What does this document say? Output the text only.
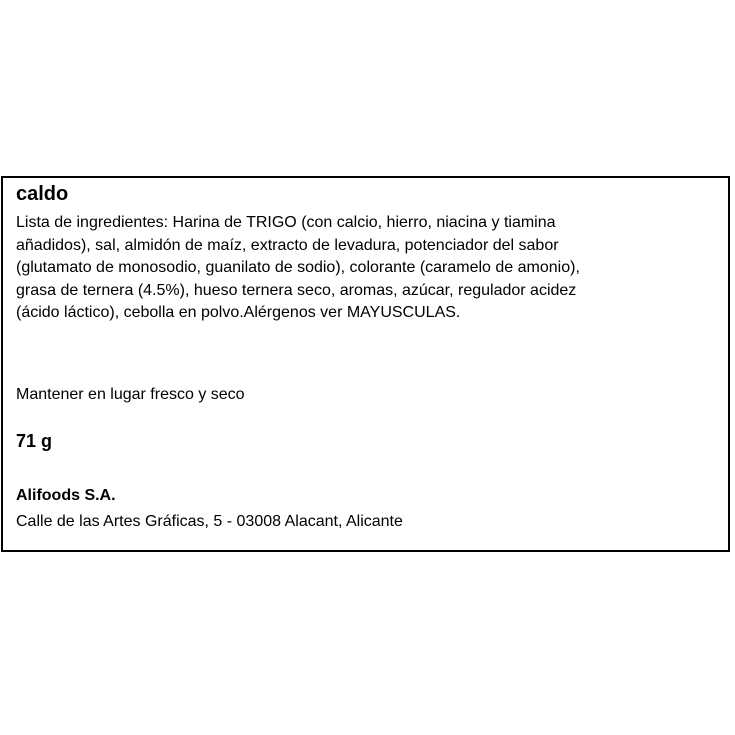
caldo
Lista de ingredientes: Harina de TRIGO (con calcio, hierro, niacina y tiamina
añadidos), sal, almidón de maíz, extracto de levadura, potenciador del sabor
(glutamato de monosodio, guanilato de sodio), colorante (caramelo de amonio),
grasa de ternera (4.5%), hueso ternera seco, aromas, azúcar, regulador acidez
(ácido láctico), cebolla en polvo.Alérgenos ver MAYUSCULAS.
Mantener en lugar fresco y seco
71 g
Alifoods S.A.
Calle de las Artes Gráficas, 5 - 03008 Alacant, Alicante
